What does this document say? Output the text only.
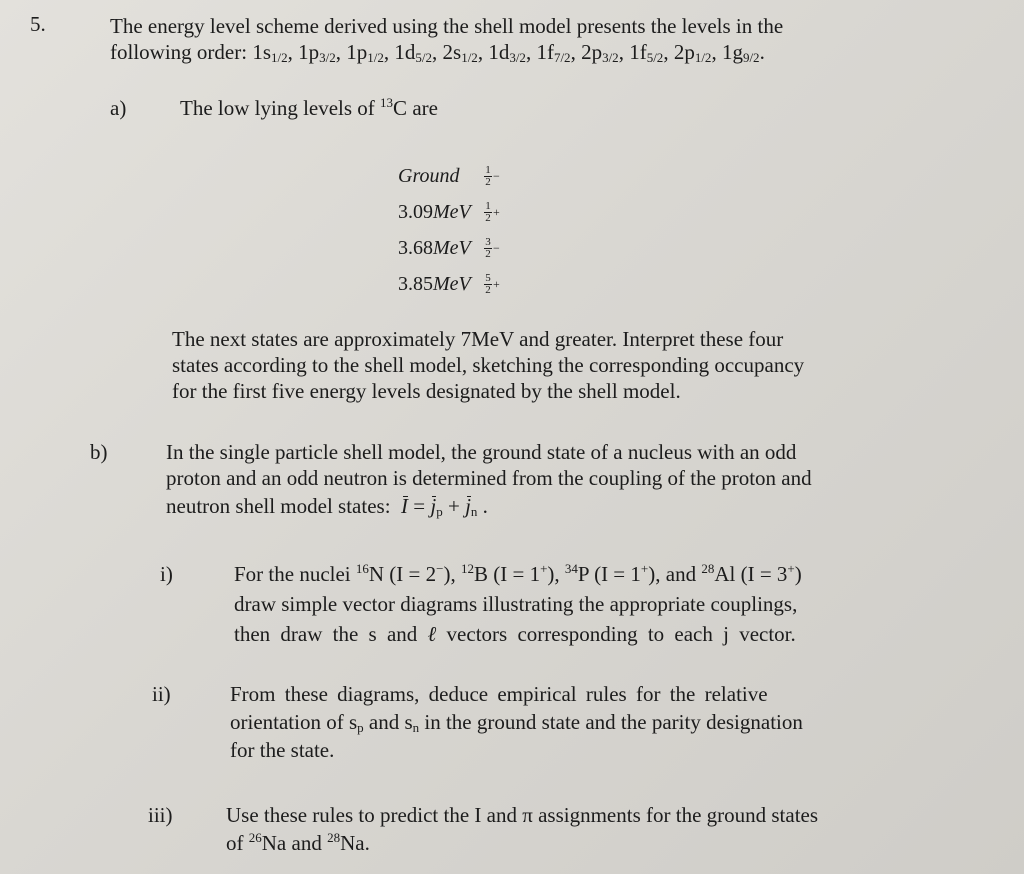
5.	The energy level scheme derived using the shell model presents the levels in the
following order: $1s_{1/2}$, $1p_{3/2}$, $1p_{1/2}$, $1d_{5/2}$, $2s_{1/2}$, $1d_{3/2}$, $1f_{7/2}$, $2p_{3/2}$, $1f_{5/2}$, $2p_{1/2}$, $1g_{9/2}$.
a)	The low lying levels of $^{13}$C are
Ground	$\frac{1}{2}$ −
3.09MeV	$\frac{1}{2}$ +
3.68MeV	$\frac{3}{2}$ −
3.85MeV	$\frac{5}{2}$ +
The next states are approximately 7MeV and greater. Interpret these four
states according to the shell model, sketching the corresponding occupancy
for the first five energy levels designated by the shell model.
b)	In the single particle shell model, the ground state of a nucleus with an odd
proton and an odd neutron is determined from the coupling of the proton and
neutron shell model states: $I = j_p + j_n$ .
i)	For the nuclei $^{16}$N (I = 2−), $^{12}$B (I = 1+), $^{34}$P (I = 1+), and $^{28}$Al (I = 3+)
draw simple vector diagrams illustrating the appropriate couplings,
then draw the s and ℓ vectors corresponding to each j vector.
ii)	From these diagrams, deduce empirical rules for the relative
orientation of $s_p$ and $s_n$ in the ground state and the parity designation
for the state.
iii)	Use these rules to predict the I and π assignments for the ground states
of $^{26}$Na and $^{28}$Na.
